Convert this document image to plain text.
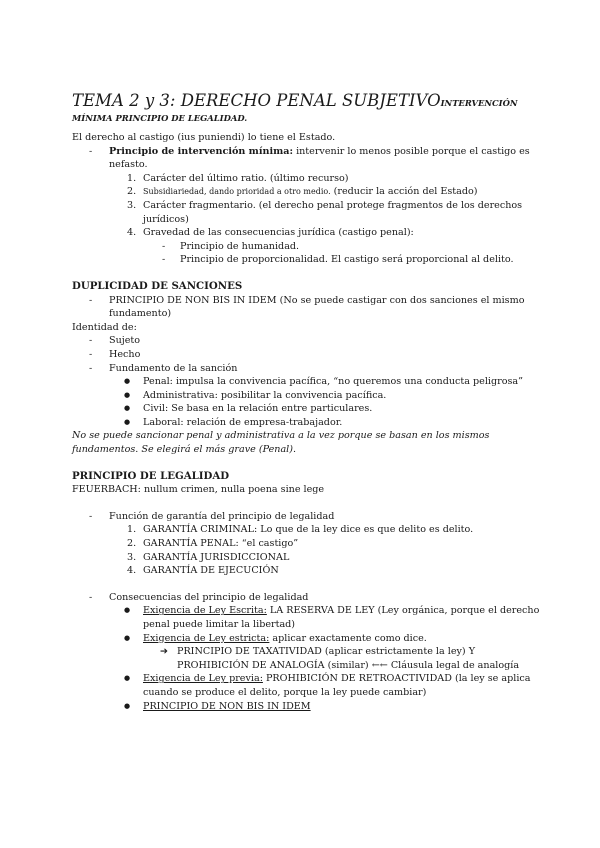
TEMA 2 y 3: DERECHO PENAL SUBJETIVOINTERVENCIÓN
MÍNIMA PRINCIPIO DE LEGALIDAD.

El derecho al castigo (ius puniendi) lo tiene el Estado.

- Principio de intervención mínima: intervenir lo menos posible porque el castigo es nefasto.
1. Carácter del último ratio. (último recurso)
2. Subsidiariedad, dando prioridad a otro medio. (reducir la acción del Estado)
3. Carácter fragmentario. (el derecho penal protege fragmentos de los derechos jurídicos)
4. Gravedad de las consecuencias jurídica (castigo penal):
- Principio de humanidad.
- Principio de proporcionalidad. El castigo será proporcional al delito.

DUPLICIDAD DE SANCIONES

- PRINCIPIO DE NON BIS IN IDEM (No se puede castigar con dos sanciones el mismo fundamento)

Identidad de:

- Sujeto
- Hecho
- Fundamento de la sanción
● Penal: impulsa la convivencia pacífica, “no queremos una conducta peligrosa”
● Administrativa: posibilitar la convivencia pacífica.
● Civil: Se basa en la relación entre particulares.
● Laboral: relación de empresa-trabajador.

No se puede sancionar penal y administrativa a la vez porque se basan en los mismos fundamentos. Se elegirá el más grave (Penal).

PRINCIPIO DE LEGALIDAD

FEUERBACH: nullum crimen, nulla poena sine lege

- Función de garantía del principio de legalidad
1. GARANTÍA CRIMINAL: Lo que de la ley dice es que delito es delito.
2. GARANTÍA PENAL: “el castigo”
3. GARANTÍA JURISDICCIONAL
4. GARANTÍA DE EJECUCIÓN
- Consecuencias del principio de legalidad
● Exigencia de Ley Escrita: LA RESERVA DE LEY (Ley orgánica, porque el derecho penal puede limitar la libertad)
● Exigencia de Ley estricta: aplicar exactamente como dice.
➔ PRINCIPIO DE TAXATIVIDAD (aplicar estrictamente la ley) Y PROHIBICIÓN DE ANALOGÍA (similar) ←← Cláusula legal de analogía
● Exigencia de Ley previa: PROHIBICIÓN DE RETROACTIVIDAD (la ley se aplica cuando se produce el delito, porque la ley puede cambiar)
● PRINCIPIO DE NON BIS IN IDEM
